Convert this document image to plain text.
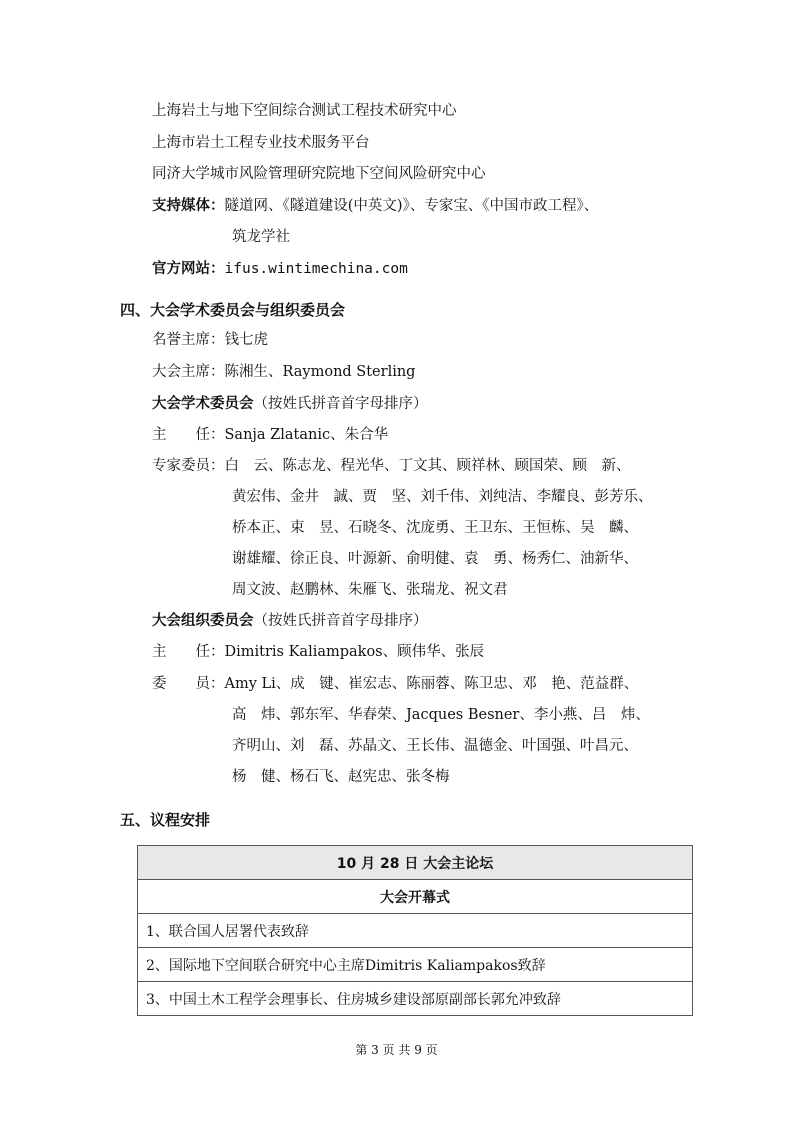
上海岩土与地下空间综合测试工程技术研究中心
上海市岩土工程专业技术服务平台
同济大学城市风险管理研究院地下空间风险研究中心
支持媒体：隧道网、《隧道建设(中英文)》、专家宝、《中国市政工程》、
筑龙学社
官方网站：ifus.wintimechina.com
四、大会学术委员会与组织委员会
名誉主席：钱七虎
大会主席：陈湘生、Raymond Sterling
大会学术委员会（按姓氏拼音首字母排序）
主　　任：Sanja Zlatanic、朱合华
专家委员：白　云、陈志龙、程光华、丁文其、顾祥林、顾国荣、顾　新、
黄宏伟、金井　誠、贾　坚、刘千伟、刘纯洁、李耀良、彭芳乐、
桥本正、束　昱、石晓冬、沈庞勇、王卫东、王恒栋、吴　麟、
谢雄耀、徐正良、叶源新、俞明健、袁　勇、杨秀仁、油新华、
周文波、赵鹏林、朱雁飞、张瑞龙、祝文君
大会组织委员会（按姓氏拼音首字母排序）
主　　任：Dimitris Kaliampakos、顾伟华、张辰
委　　员：Amy Li、成　键、崔宏志、陈丽蓉、陈卫忠、邓　艳、范益群、
高　炜、郭东军、华春荣、Jacques Besner、李小燕、吕　炜、
齐明山、刘　磊、苏晶文、王长伟、温德金、叶国强、叶昌元、
杨　健、杨石飞、赵宪忠、张冬梅
五、议程安排
10 月 28 日 大会主论坛
大会开幕式
1、联合国人居署代表致辞
2、国际地下空间联合研究中心主席Dimitris Kaliampakos致辞
3、中国土木工程学会理事长、住房城乡建设部原副部长郭允冲致辞
第 3 页 共 9 页
